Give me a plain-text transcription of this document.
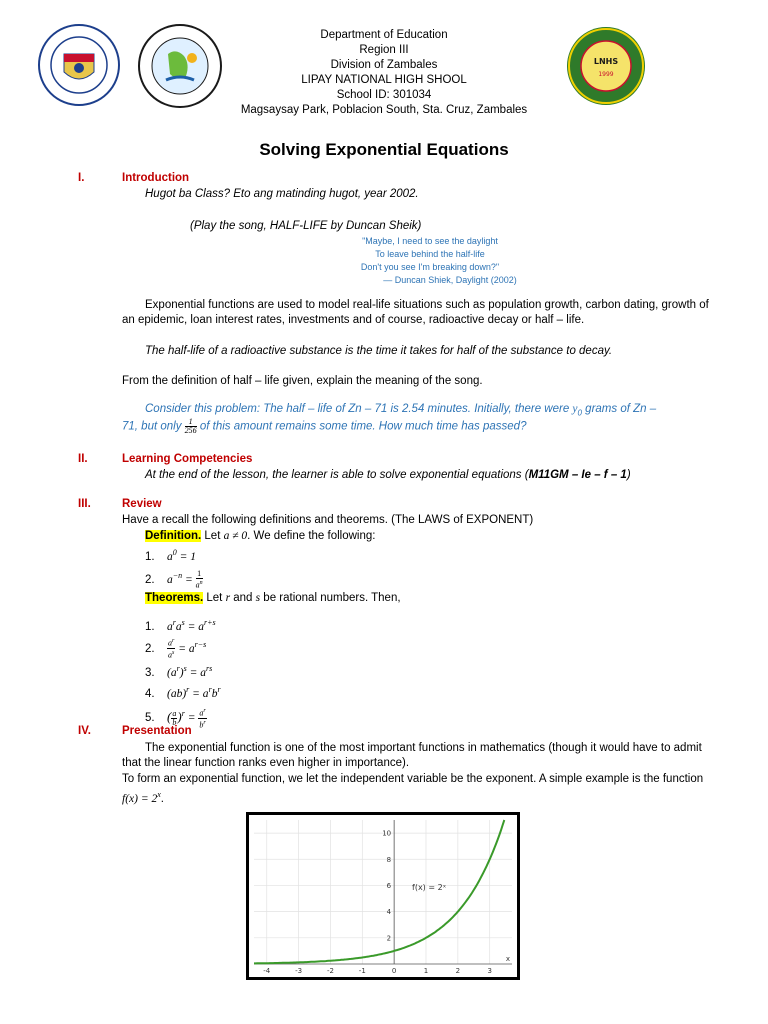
LNHS
1999
Department of Education
Region III
Division of Zambales
LIPAY NATIONAL HIGH SHOOL
School ID: 301034
Magsaysay Park, Poblacion South, Sta. Cruz, Zambales
Solving Exponential Equations
I.	Introduction
Hugot ba Class? Eto ang matinding hugot, year 2002.
(Play the song, HALF-LIFE by Duncan Sheik)
"Maybe, I need to see the daylight
To leave behind the half-life
Don't you see I'm breaking down?"
— Duncan Shiek, Daylight (2002)
Exponential functions are used to model real-life situations such as population growth, carbon dating, growth of an epidemic, loan interest rates, investments and of course, radioactive decay or half – life.
The half-life of a radioactive substance is the time it takes for half of the substance to decay.
From the definition of half – life given, explain the meaning of the song.
Consider this problem: The half – life of Zn – 71 is 2.54 minutes. Initially, there were $y_0$ grams of Zn –
71, but only $\frac{1}{256}$ of this amount remains some time. How much time has passed?
II.	Learning Competencies
At the end of the lesson, the learner is able to solve exponential equations (M11GM – Ie – f – 1)
III.	Review
Have a recall the following definitions and theorems. (The LAWS of EXPONENT)
Definition. Let a ≠ 0. We define the following:
1. $a^0 = 1$
2. $a^{-n} = \frac{1}{a^n}$
Theorems. Let r and s be rational numbers. Then,
1. $a^ra^s = a^{r+s}$
2. $\frac{a^r}{a^s} = a^{r-s}$
3. $(a^r)^s = a^{rs}$
4. $(ab)^r = a^rb^r$
5. ( $\frac{a}{b} )^r = \frac{a^r}{b^r}$
IV.	Presentation
The exponential function is one of the most important functions in mathematics (though it would have to admit that the linear function ranks even higher in importance).
To form an exponential function, we let the independent variable be the exponent. A simple example is the function $f(x) = 2^x$.
-4	-3	-2	-1	0	1	2	3
2
4
6
8
10
x
f(x) = 2ˣ
